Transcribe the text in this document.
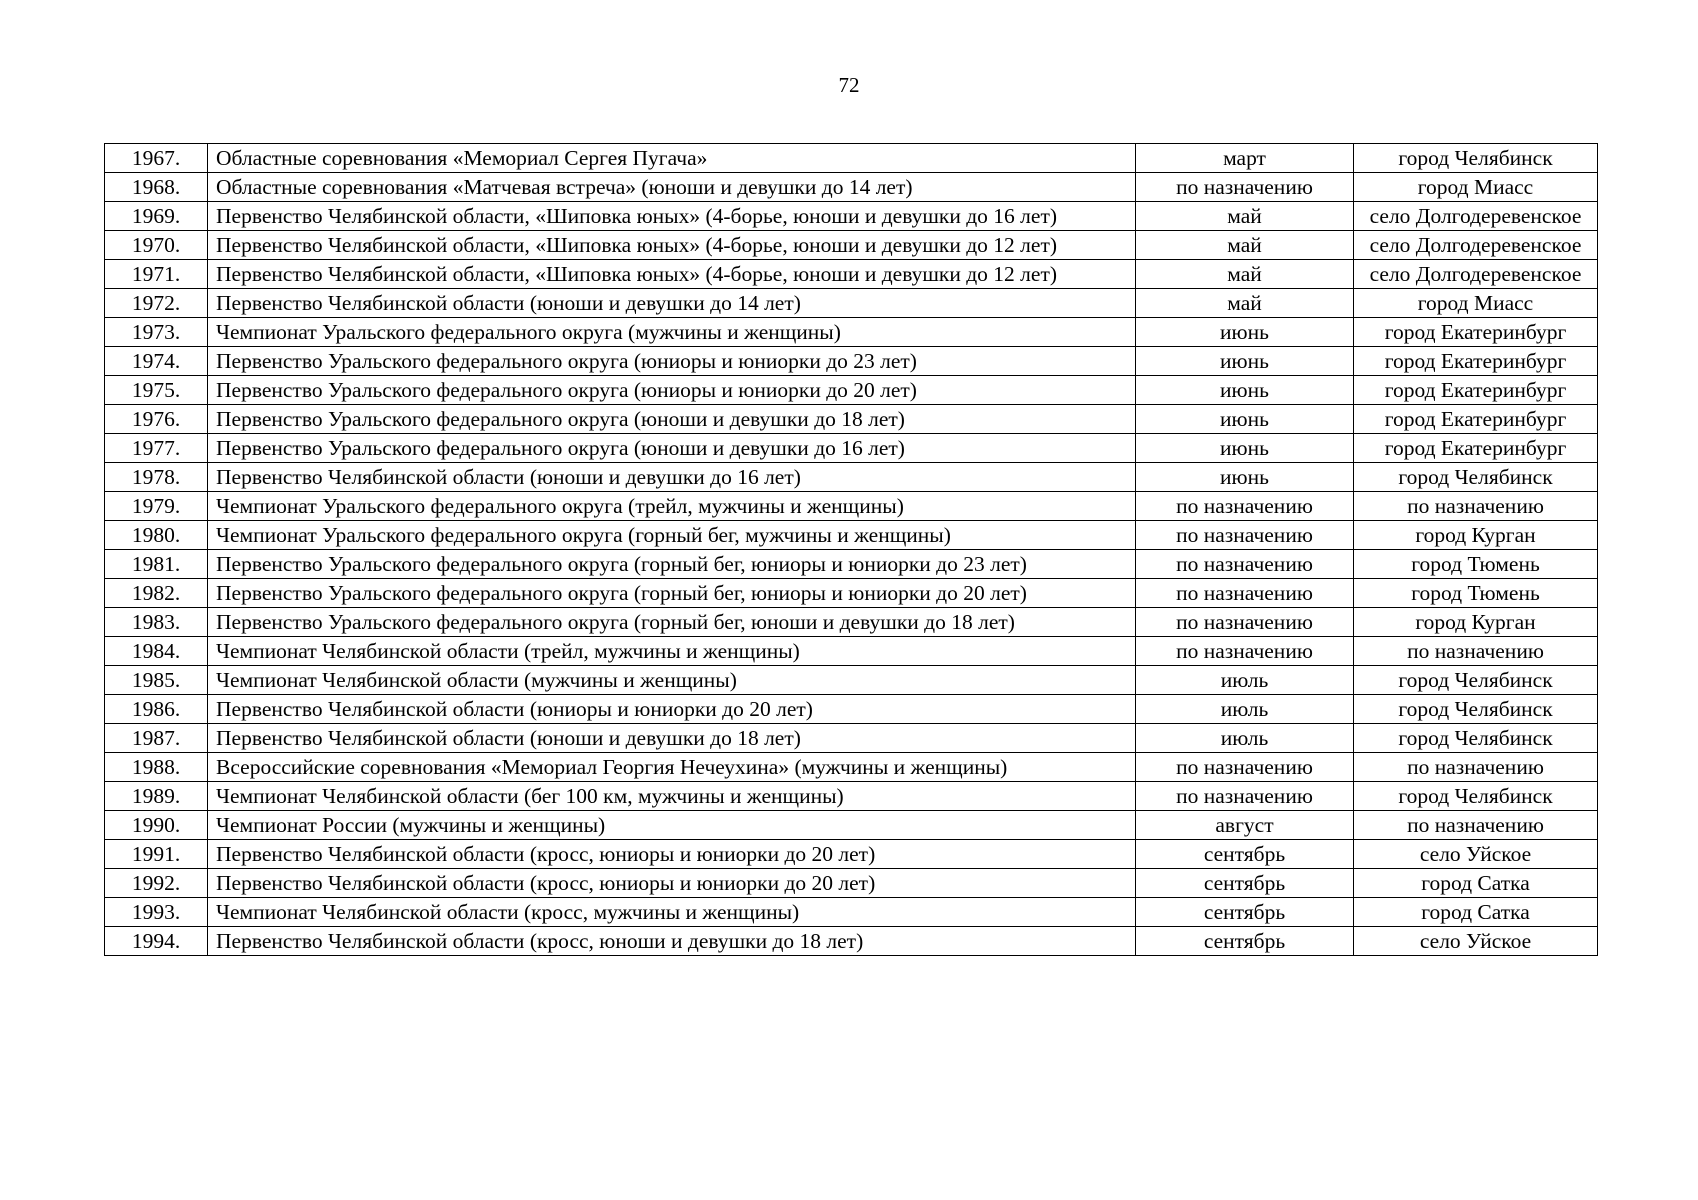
72
1967.	Областные соревнования «Мемориал Сергея Пугача»	март	город Челябинск
1968.	Областные соревнования «Матчевая встреча» (юноши и девушки до 14 лет)	по назначению	город Миасс
1969.	Первенство Челябинской области, «Шиповка юных» (4-борье, юноши и девушки до 16 лет)	май	село Долгодеревенское
1970.	Первенство Челябинской области, «Шиповка юных» (4-борье, юноши и девушки до 12 лет)	май	село Долгодеревенское
1971.	Первенство Челябинской области, «Шиповка юных» (4-борье, юноши и девушки до 12 лет)	май	село Долгодеревенское
1972.	Первенство Челябинской области (юноши и девушки до 14 лет)	май	город Миасс
1973.	Чемпионат Уральского федерального округа (мужчины и женщины)	июнь	город Екатеринбург
1974.	Первенство Уральского федерального округа (юниоры и юниорки до 23 лет)	июнь	город Екатеринбург
1975.	Первенство Уральского федерального округа (юниоры и юниорки до 20 лет)	июнь	город Екатеринбург
1976.	Первенство Уральского федерального округа (юноши и девушки до 18 лет)	июнь	город Екатеринбург
1977.	Первенство Уральского федерального округа (юноши и девушки до 16 лет)	июнь	город Екатеринбург
1978.	Первенство Челябинской области (юноши и девушки до 16 лет)	июнь	город Челябинск
1979.	Чемпионат Уральского федерального округа (трейл, мужчины и женщины)	по назначению	по назначению
1980.	Чемпионат Уральского федерального округа (горный бег, мужчины и женщины)	по назначению	город Курган
1981.	Первенство Уральского федерального округа (горный бег, юниоры и юниорки до 23 лет)	по назначению	город Тюмень
1982.	Первенство Уральского федерального округа (горный бег, юниоры и юниорки до 20 лет)	по назначению	город Тюмень
1983.	Первенство Уральского федерального округа (горный бег, юноши и девушки до 18 лет)	по назначению	город Курган
1984.	Чемпионат Челябинской области (трейл, мужчины и женщины)	по назначению	по назначению
1985.	Чемпионат Челябинской области (мужчины и женщины)	июль	город Челябинск
1986.	Первенство Челябинской области (юниоры и юниорки до 20 лет)	июль	город Челябинск
1987.	Первенство Челябинской области (юноши и девушки до 18 лет)	июль	город Челябинск
1988.	Всероссийские соревнования «Мемориал Георгия Нечеухина» (мужчины и женщины)	по назначению	по назначению
1989.	Чемпионат Челябинской области (бег 100 км, мужчины и женщины)	по назначению	город Челябинск
1990.	Чемпионат России (мужчины и женщины)	август	по назначению
1991.	Первенство Челябинской области (кросс, юниоры и юниорки до 20 лет)	сентябрь	село Уйское
1992.	Первенство Челябинской области (кросс, юниоры и юниорки до 20 лет)	сентябрь	город Сатка
1993.	Чемпионат Челябинской области (кросс, мужчины и женщины)	сентябрь	город Сатка
1994.	Первенство Челябинской области (кросс, юноши и девушки до 18 лет)	сентябрь	село Уйское
